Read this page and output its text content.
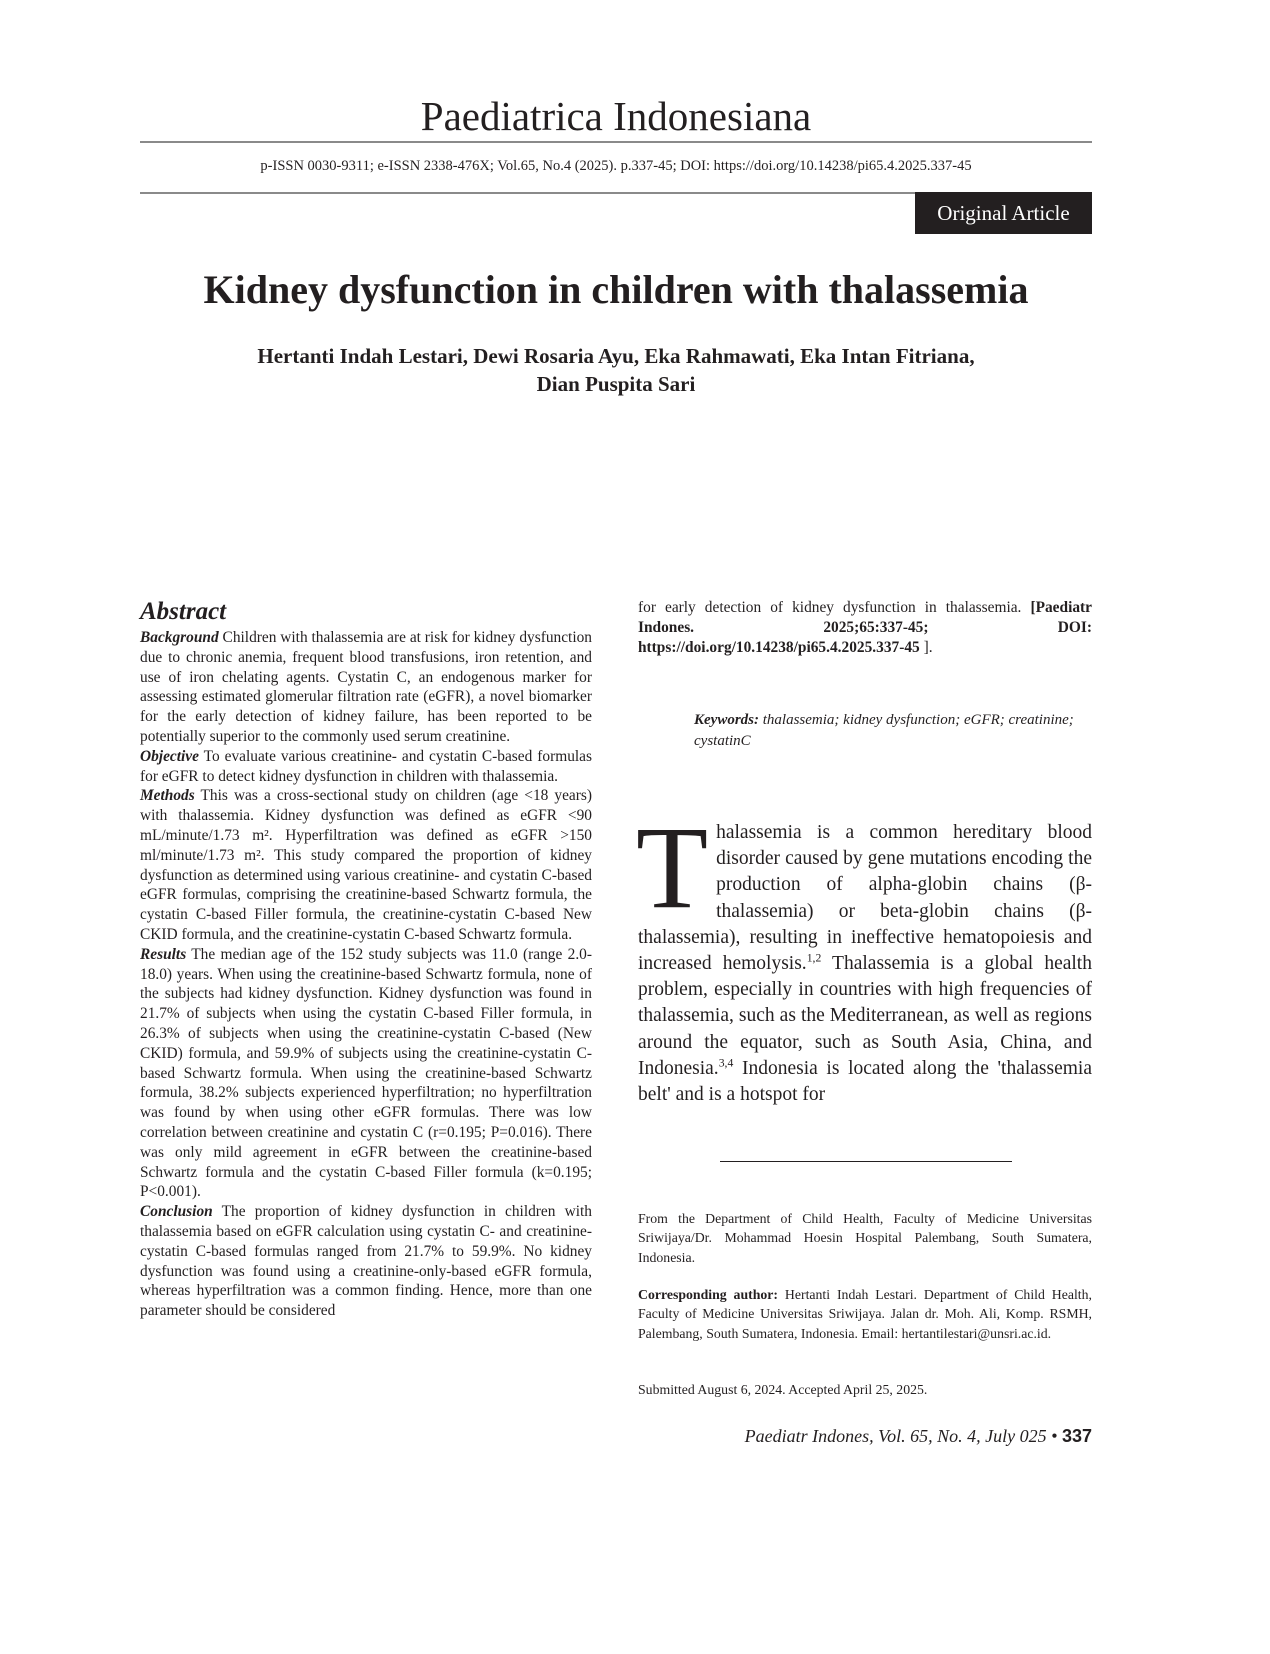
Paediatrica Indonesiana
p-ISSN 0030-9311; e-ISSN 2338-476X; Vol.65, No.4 (2025). p.337-45; DOI: https://doi.org/10.14238/pi65.4.2025.337-45
Original Article
Kidney dysfunction in children with thalassemia
Hertanti Indah Lestari, Dewi Rosaria Ayu, Eka Rahmawati, Eka Intan Fitriana,
Dian Puspita Sari
Abstract

Background Children with thalassemia are at risk for kidney dysfunction due to chronic anemia, frequent blood transfusions, iron retention, and use of iron chelating agents. Cystatin C, an endogenous marker for assessing estimated glomerular filtration rate (eGFR), a novel biomarker for the early detection of kidney failure, has been reported to be potentially superior to the commonly used serum creatinine.

Objective To evaluate various creatinine- and cystatin C-based formulas for eGFR to detect kidney dysfunction in children with thalassemia.

Methods This was a cross-sectional study on children (age <18 years) with thalassemia. Kidney dysfunction was defined as eGFR <90 mL/minute/1.73 m². Hyperfiltration was defined as eGFR >150 ml/minute/1.73 m². This study compared the proportion of kidney dysfunction as determined using various creatinine- and cystatin C-based eGFR formulas, comprising the creatinine-based Schwartz formula, the cystatin C-based Filler formula, the creatinine-cystatin C-based New CKID formula, and the creatinine-cystatin C-based Schwartz formula.

Results The median age of the 152 study subjects was 11.0 (range 2.0-18.0) years. When using the creatinine-based Schwartz formula, none of the subjects had kidney dysfunction. Kidney dysfunction was found in 21.7% of subjects when using the cystatin C-based Filler formula, in 26.3% of subjects when using the creatinine-cystatin C-based (New CKID) formula, and 59.9% of subjects using the creatinine-cystatin C-based Schwartz formula. When using the creatinine-based Schwartz formula, 38.2% subjects experienced hyperfiltration; no hyperfiltration was found by when using other eGFR formulas. There was low correlation between creatinine and cystatin C (r=0.195; P=0.016). There was only mild agreement in eGFR between the creatinine-based Schwartz formula and the cystatin C-based Filler formula (k=0.195; P<0.001).

Conclusion The proportion of kidney dysfunction in children with thalassemia based on eGFR calculation using cystatin C- and creatinine-cystatin C-based formulas ranged from 21.7% to 59.9%. No kidney dysfunction was found using a creatinine-only-based eGFR formula, whereas hyperfiltration was a common finding. Hence, more than one parameter should be considered

for early detection of kidney dysfunction in thalassemia. [Paediatr Indones. 2025;65:337-45; DOI: https://doi.org/10.14238/pi65.4.2025.337-45 ].
Keywords: thalassemia; kidney dysfunction; eGFR; creatinine; cystatinC
Thalassemia is a common hereditary blood disorder caused by gene mutations encoding the production of alpha-globin chains (β-thalassemia) or beta-globin chains (β-thalassemia), resulting in ineffective hematopoiesis and increased hemolysis.$^{1,2}$ Thalassemia is a global health problem, especially in countries with high frequencies of thalassemia, such as the Mediterranean, as well as regions around the equator, such as South Asia, China, and Indonesia.$^{3,4}$ Indonesia is located along the 'thalassemia belt' and is a hotspot for
From the Department of Child Health, Faculty of Medicine Universitas Sriwijaya/Dr. Mohammad Hoesin Hospital Palembang, South Sumatera, Indonesia.
Corresponding author: Hertanti Indah Lestari. Department of Child Health, Faculty of Medicine Universitas Sriwijaya. Jalan dr. Moh. Ali, Komp. RSMH, Palembang, South Sumatera, Indonesia. Email: hertantilestari@unsri.ac.id.
Submitted August 6, 2024. Accepted April 25, 2025.
Paediatr Indones, Vol. 65, No. 4, July 025 • 337
